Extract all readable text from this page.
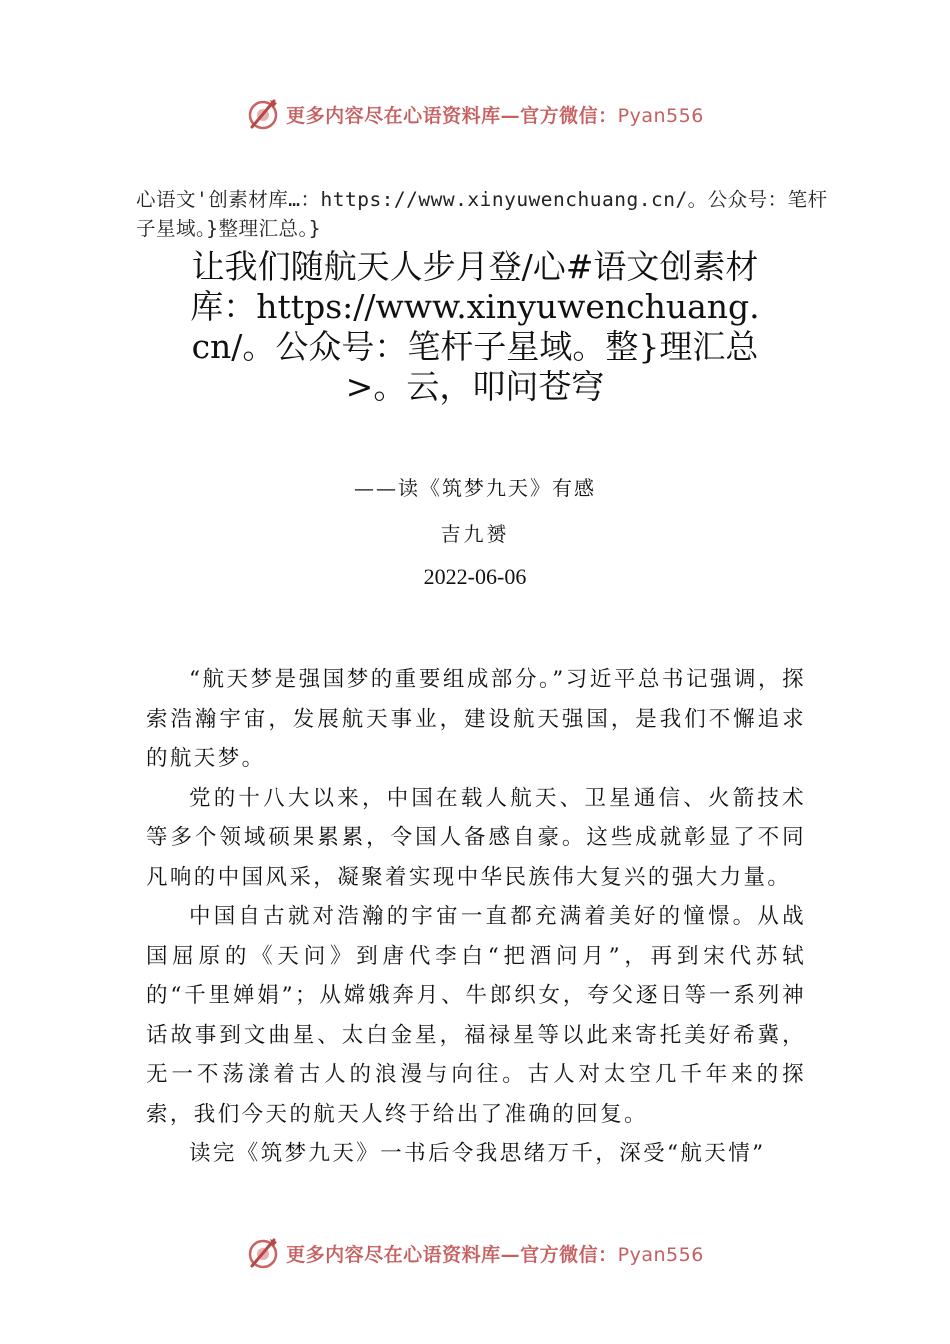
更多内容尽在心语资料库—官方微信：Pyan556
心语文'创素材库…：https://www.xinyuwenchuang.cn/。公众号：笔杆子星域。}整理汇总。}
让我们随航天人步月登/心#语文创素材库：https://www.xinyuwenchuang.cn/。公众号：笔杆子星域。整}理汇总>。云，叩问苍穹
——读《筑梦九天》有感
吉九赟
2022-06-06

“航天梦是强国梦的重要组成部分。”习近平总书记强调，探索浩瀚宇宙，发展航天事业，建设航天强国，是我们不懈追求的航天梦。

党的十八大以来，中国在载人航天、卫星通信、火箭技术等多个领域硕果累累，令国人备感自豪。这些成就彰显了不同凡响的中国风采，凝聚着实现中华民族伟大复兴的强大力量。

中国自古就对浩瀚的宇宙一直都充满着美好的憧憬。从战国屈原的《天问》到唐代李白“把酒问月”，再到宋代苏轼的“千里婵娟”；从嫦娥奔月、牛郎织女，夸父逐日等一系列神话故事到文曲星、太白金星，福禄星等以此来寄托美好希冀，无一不荡漾着古人的浪漫与向往。古人对太空几千年来的探索，我们今天的航天人终于给出了准确的回复。

读完《筑梦九天》一书后令我思绪万千，深受“航天情”

更多内容尽在心语资料库—官方微信：Pyan556
